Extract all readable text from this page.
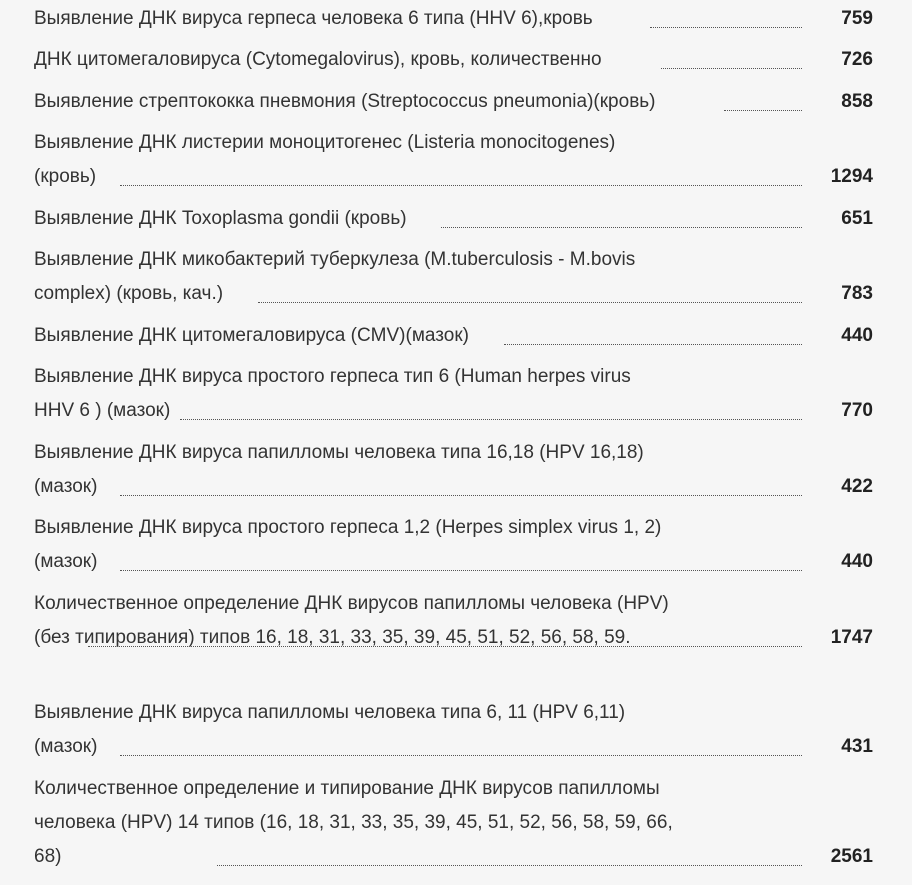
Выявление ДНК вируса герпеса человека 6 типа (HHV 6),кровь	759
ДНК цитомегаловируса (Cytomegalovirus), кровь, количественно	726
Выявление стрептококка пневмония (Streptococcus pneumonia)(кровь)	858
Выявление ДНК листерии моноцитогенес (Listeria monocitogenes) (кровь)	1294
Выявление ДНК Toxoplasma gondii (кровь)	651
Выявление ДНК микобактерий туберкулеза (M.tuberculosis - M.bovis complex) (кровь, кач.)	783
Выявление ДНК цитомегаловируса (CMV)(мазок)	440
Выявление ДНК вируса простого герпеса тип 6 (Human herpes virus HHV 6 ) (мазок)	770
Выявление ДНК вируса папилломы человека типа 16,18 (HPV 16,18) (мазок)	422
Выявление ДНК вируса простого герпеса 1,2 (Herpes simplex virus 1, 2) (мазок)	440
Количественное определение ДНК вирусов папилломы человека (HPV)(без типирования) типов 16, 18, 31, 33, 35, 39, 45, 51, 52, 56, 58, 59.	1747
Выявление ДНК вируса папилломы человека типа 6, 11 (HPV 6,11) (мазок)	431
Количественное определение и типирование ДНК вирусов папилломы человека (HPV) 14 типов (16, 18, 31, 33, 35, 39, 45, 51, 52, 56, 58, 59, 66, 68)	2561
